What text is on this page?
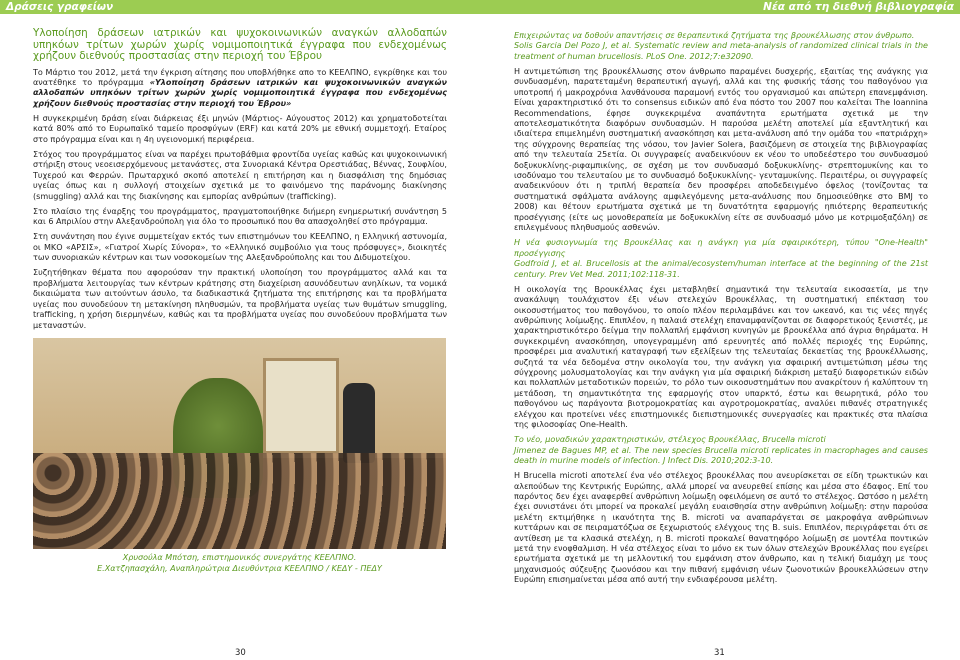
Δράσεις γραφείων	Νέα από τη διεθνή βιβλιογραφία

Υλοποίηση δράσεων ιατρικών και ψυχοκοινωνικών αναγκών αλλοδαπών υπηκόων τρίτων χωρών χωρίς νομιμοποιητικά έγγραφα που ενδεχομένως χρήζουν διεθνούς προστασίας στην περιοχή του Έβρου

Το Μάρτιο του 2012, μετά την έγκριση αίτησης που υποβλήθηκε απο το ΚΕΕΛΠΝΟ, εγκρίθηκε και του ανατέθηκε το πρόγραμμα «Υλοποίηση δράσεων ιατρικών και ψυχοκοινωνικών αναγκών αλλοδαπών υπηκόων τρίτων χωρών χωρίς νομιμοποιητικά έγγραφα που ενδεχομένως χρήζουν διεθνούς προστασίας στην περιοχή του Έβρου»

Η συγκεκριμένη δράση είναι διάρκειας έξι μηνών (Μάρτιος- Αύγουστος 2012) και χρηματοδοτείται κατά 80% από το Ευρωπαϊκό ταμείο προσφύγων (ERF) και κατά 20% με εθνική συμμετοχή. Εταίρος στο πρόγραμμα είναι και η 4η υγειονομική περιφέρεια.

Στόχος του προγράμματος είναι να παρέχει πρωτοβάθμια φροντίδα υγείας καθώς και ψυχοκοινωνική στήριξη στους νεοεισερχόμενους μετανάστες, στα Συνοριακά Κέντρα Ορεστιάδας, Βέννας, Σουφλίου, Τυχερού και Φερρών. Πρωταρχικό σκοπό αποτελεί η επιτήρηση και η διασφάλιση της δημόσιας υγείας όπως και η συλλογή στοιχείων σχετικά με το φαινόμενο της παράνομης διακίνησης (smuggling) αλλά και της διακίνησης και εμπορίας ανθρώπων (trafficking).

Στο πλαίσιο της έναρξης του προγράμματος, πραγματοποιήθηκε διήμερη ενημερωτική συνάντηση 5 και 6 Απριλίου στην Αλεξανδρούπολη για όλο το προσωπικό που θα απασχοληθεί στο πρόγραμμα.

Στη συνάντηση που έγινε συμμετείχαν εκτός των επιστημόνων του ΚΕΕΛΠΝΟ, η Ελληνική αστυνομία, οι ΜΚΟ «ΑΡΣΙΣ», «Γιατροί Χωρίς Σύνορα», το «Ελληνικό συμβούλιο για τους πρόσφυγες», διοικητές των συνοριακών κέντρων και των νοσοκομείων της Αλεξανδρούπολης και του Διδυμοτείχου.

Συζητήθηκαν θέματα που αφορούσαν την πρακτική υλοποίηση του προγράμματος αλλά και τα προβλήματα λειτουργίας των κέντρων κράτησης στη διαχείριση ασυνόδευτων ανηλίκων, τα νομικά δικαιώματα των αιτούντων άσυλο, τα διαδικαστικά ζητήματα της επιτήρησης και τα προβλήματα υγείας που συνοδεύουν τη μετακίνηση πληθυσμών, τα προβλήματα υγείας των θυμάτων smuggling, trafficking, η χρήση διερμηνέων, καθώς και τα προβλήματα υγείας που συνοδεύουν προβλήματα των μεταναστών.

Χρυσούλα Μπότση, επιστημονικός συνεργάτης ΚΕΕΛΠΝΟ.
Ε.Χατζηπασχάλη, Αναπληρώτρια Διευθύντρια ΚΕΕΛΠΝΟ / ΚΕΔΥ - ΠΕΔΥ

Επιχειρώντας να δοθούν απαντήσεις σε θεραπευτικά ζητήματα της βρουκέλλωσης στον άνθρωπο.

Solis Garcia Del Pozo J, et al. Systematic review and meta-analysis of randomized clinical trials in the treatment of human brucellosis. PLoS One. 2012;7:e32090.

Η αντιμετώπιση της βρουκέλλωσης στον άνθρωπο παραμένει δυσχερής, εξαιτίας της ανάγκης για συνδυασμένη, παρατεταμένη θεραπευτική αγωγή, αλλά και της φυσικής τάσης του παθογόνου για υποτροπή ή μακροχρόνια λανθάνουσα παραμονή εντός του οργανισμού και απώτερη επανεμφάνιση. Είναι χαρακτηριστικό ότι το consensus ειδικών από ένα πόστο του 2007 που καλείται The Ioannina Recommendations, έφησε συγκεκριμένα αναπάντητα ερωτήματα σχετικά με την αποτελεσματικότητα διαφόρων συνδυασμών. Η παρούσα μελέτη αποτελεί μία εξαντλητική και ιδιαίτερα επιμελημένη συστηματική ανασκόπηση και μετα-ανάλυση από την ομάδα του «πατριάρχη» της σύγχρονης θεραπείας της νόσου, τον Javier Solera, βασιζόμενη σε στοιχεία της βιβλιογραφίας από την τελευταία 25ετία. Οι συγγραφείς αναδεικνύουν εκ νέου το υποδεέστερο του συνδυασμού δοξυκυκλίνης-ριφαμπικίνης, σε σχέση με τον συνδυασμό δοξυκυκλίνης- στρεπτομυκίνης και το ισοδύναμο του τελευταίου με το συνδυασμό δοξυκυκλίνης- γενταμυκίνης. Περαιτέρω, οι συγγραφείς αναδεικνύουν ότι η τριπλή θεραπεία δεν προσφέρει αποδεδειγμένο όφελος (τονίζοντας τα συστηματικά σφάλματα ανάλογης αμφιλεγόμενης μετα-ανάλυσης που δημοσιεύθηκε στο BMJ το 2008) και θέτουν ερωτήματα σχετικά με τη δυνατότητα εφαρμογής ηπιότερης θεραπευτικής προσέγγισης (είτε ως μονοθεραπεία με δοξυκυκλίνη είτε σε συνδυασμό μόνο με κοτριμοξαζόλη) σε επιλεγμένους πληθυσμούς ασθενών.

Η νέα φυσιογνωμία της Βρουκέλλας και η ανάγκη για μία σφαιρικότερη, τύπου "One-Health" προσέγγισης

Godfroid J, et al. Brucellosis at the animal/ecosystem/human interface at the beginning of the 21st century. Prev Vet Med. 2011;102:118-31.

Η οικολογία της Βρουκέλλας έχει μεταβληθεί σημαντικά την τελευταία εικοσαετία, με την ανακάλυψη τουλάχιστον έξι νέων στελεχών Βρουκέλλας, τη συστηματική επέκταση του οικοσυστήματος του παθογόνου, το οποίο πλέον περιλαμβάνει και τον ωκεανό, και τις νέες πηγές ανθρώπινης λοίμωξης. Επιπλέον, η παλαιά στελέχη επαναμφανίζονται σε διαφορετικούς ξενιστές, με χαρακτηριστικότερο δείγμα την πολλαπλή εμφάνιση κυνηγών με βρουκέλλα από άγρια θηράματα. Η συγκεκριμένη ανασκόπηση, υπογεγραμμένη από ερευνητές από πολλές περιοχές της Ευρώπης, προσφέρει μια αναλυτική καταγραφή των εξελίξεων της τελευταίας δεκαετίας της βρουκέλλωσης, συζητά τα νέα δεδομένα στην οικολογία του, την ανάγκη για σφαιρική αντιμετώπιση μέσω της σύγχρονης μολυσματολογίας και την ανάγκη για μία σφαιρική διάκριση μεταξύ διαφορετικών ειδών και πολλαπλών μεταδοτικών πορειών, το ρόλο των οικοσυστημάτων που ανακρίτουν ή καλύπτουν τη μετάδοση, τη σημαντικότητα της εφαρμογής στον υπαρκτό, έστω και θεωρητικά, ρόλο του παθογόνου ως παράγοντα βιοτρομοκρατίας και αγροτρομοκρατίας, αναλύει πιθανές στρατηγικές ελέγχου και προτείνει νέες επιστημονικές διεπιστημονικές συνεργασίες και πρακτικές στα πλαίσια της φιλοσοφίας One-Health.

Το νέο, μοναδικών χαρακτηριστικών, στέλεχος Βρουκέλλας, Brucella microti

Jimenez de Bagues MP, et al. The new species Brucella microti replicates in macrophages and causes death in murine models of infection. J Infect Dis. 2010;202:3-10.

Η Brucella microti αποτελεί ένα νέο στέλεχος βρουκέλλας που ανευρίσκεται σε είδη τρωκτικών και αλεπούδων της Κεντρικής Ευρώπης, αλλά μπορεί να ανευρεθεί επίσης και μέσα στο έδαφος. Επί του παρόντος δεν έχει αναφερθεί ανθρώπινη λοίμωξη οφειλόμενη σε αυτό το στέλεχος. Ωστόσο η μελέτη έχει συνιστάνει ότι μπορεί να προκαλεί μεγάλη ευαισθησία στην ανθρώπινη λοίμωξη: στην παρούσα μελέτη εκτιμήθηκε η ικανότητα της Β. microti να αναπαράγεται σε μακροφάγα ανθρώπινων κυττάρων και σε πειραματόζωα σε ξεχωριστούς ελέγχους της Β. suis. Επιπλέον, περιγράφεται ότι σε αντίθεση με τα κλασικά στελέχη, η Β. microti προκαλεί θανατηφόρο λοίμωξη σε μοντέλα ποντικών μετά την ενοφθαλμιση. Η νέα στέλεχος είναι το μόνο εκ των όλων στελεχών Βρουκέλλας που εγείρει ερωτήματα σχετικά με τη μελλοντική του εμφάνιση στον άνθρωπο, και η τελική διαμάχη με τους μηχανισμούς σύζευξης ζωονόσου και την πιθανή εμφάνιση νέων ζωονοτικών βρουκελλώσεων στην Ευρώπη επισημαίνεται μέσα από αυτή την ενδιαφέρουσα μελέτη.

30	31
